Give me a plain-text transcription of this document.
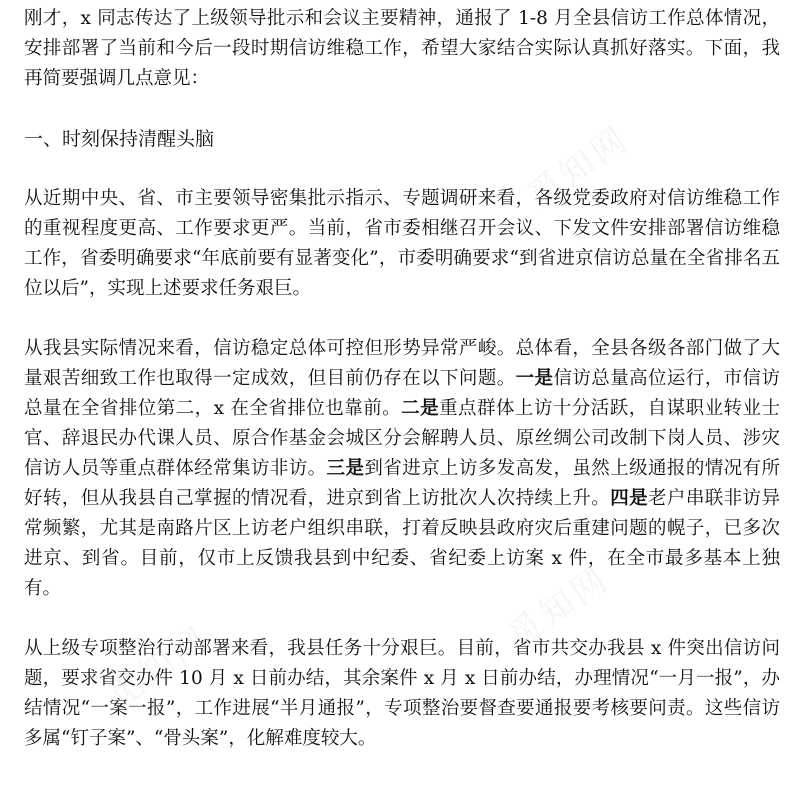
觅知网
觅知网
觅知网

刚才，x 同志传达了上级领导批示和会议主要精神，通报了 1-8 月全县信访工作总体情况，安排部署了当前和今后一段时期信访维稳工作，希望大家结合实际认真抓好落实。下面，我再简要强调几点意见：

一、时刻保持清醒头脑

从近期中央、省、市主要领导密集批示指示、专题调研来看，各级党委政府对信访维稳工作的重视程度更高、工作要求更严。当前，省市委相继召开会议、下发文件安排部署信访维稳工作，省委明确要求“年底前要有显著变化”，市委明确要求“到省进京信访总量在全省排名五位以后”，实现上述要求任务艰巨。

从我县实际情况来看，信访稳定总体可控但形势异常严峻。总体看，全县各级各部门做了大量艰苦细致工作也取得一定成效，但目前仍存在以下问题。一是信访总量高位运行，市信访总量在全省排位第二，x 在全省排位也靠前。二是重点群体上访十分活跃，自谋职业转业士官、辞退民办代课人员、原合作基金会城区分会解聘人员、原丝绸公司改制下岗人员、涉灾信访人员等重点群体经常集访非访。三是到省进京上访多发高发，虽然上级通报的情况有所好转，但从我县自己掌握的情况看，进京到省上访批次人次持续上升。四是老户串联非访异常频繁，尤其是南路片区上访老户组织串联，打着反映县政府灾后重建问题的幌子，已多次进京、到省。目前，仅市上反馈我县到中纪委、省纪委上访案 x 件，在全市最多基本上独有。

从上级专项整治行动部署来看，我县任务十分艰巨。目前，省市共交办我县 x 件突出信访问题，要求省交办件 10 月 x 日前办结，其余案件 x 月 x 日前办结，办理情况“一月一报”，办结情况“一案一报”，工作进展“半月通报”，专项整治要督查要通报要考核要问责。这些信访多属“钉子案”、“骨头案”，化解难度较大。
